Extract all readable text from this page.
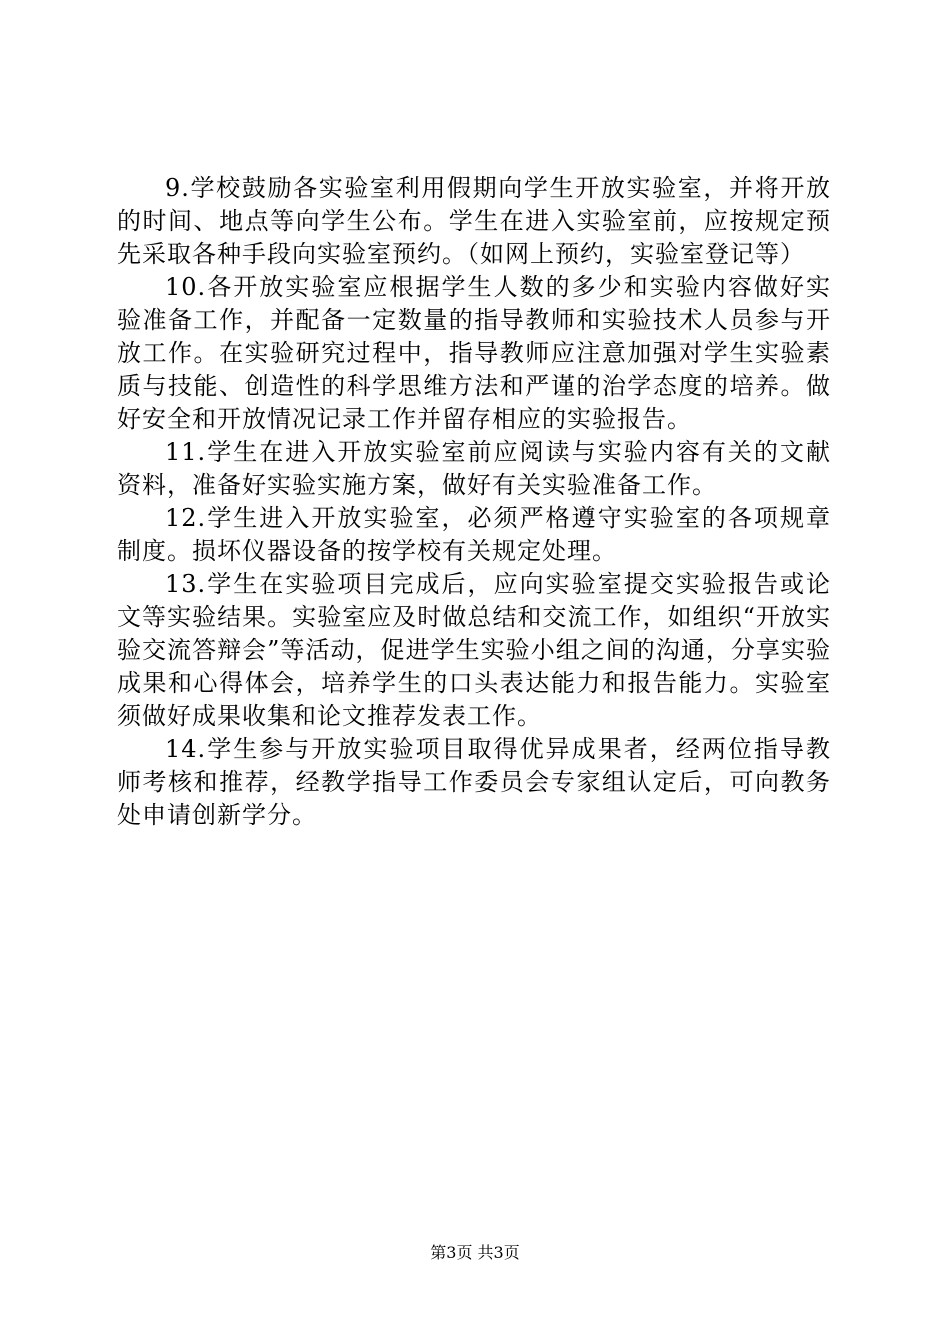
9.学校鼓励各实验室利用假期向学生开放实验室，并将开放的时间、地点等向学生公布。学生在进入实验室前，应按规定预先采取各种手段向实验室预约。（如网上预约，实验室登记等）

10.各开放实验室应根据学生人数的多少和实验内容做好实验准备工作，并配备一定数量的指导教师和实验技术人员参与开放工作。在实验研究过程中，指导教师应注意加强对学生实验素质与技能、创造性的科学思维方法和严谨的治学态度的培养。做好安全和开放情况记录工作并留存相应的实验报告。

11.学生在进入开放实验室前应阅读与实验内容有关的文献资料，准备好实验实施方案，做好有关实验准备工作。

12.学生进入开放实验室，必须严格遵守实验室的各项规章制度。损坏仪器设备的按学校有关规定处理。

13.学生在实验项目完成后，应向实验室提交实验报告或论文等实验结果。实验室应及时做总结和交流工作，如组织“开放实验交流答辩会”等活动，促进学生实验小组之间的沟通，分享实验成果和心得体会，培养学生的口头表达能力和报告能力。实验室须做好成果收集和论文推荐发表工作。

14.学生参与开放实验项目取得优异成果者，经两位指导教师考核和推荐，经教学指导工作委员会专家组认定后，可向教务处申请创新学分。

第3页 共3页
